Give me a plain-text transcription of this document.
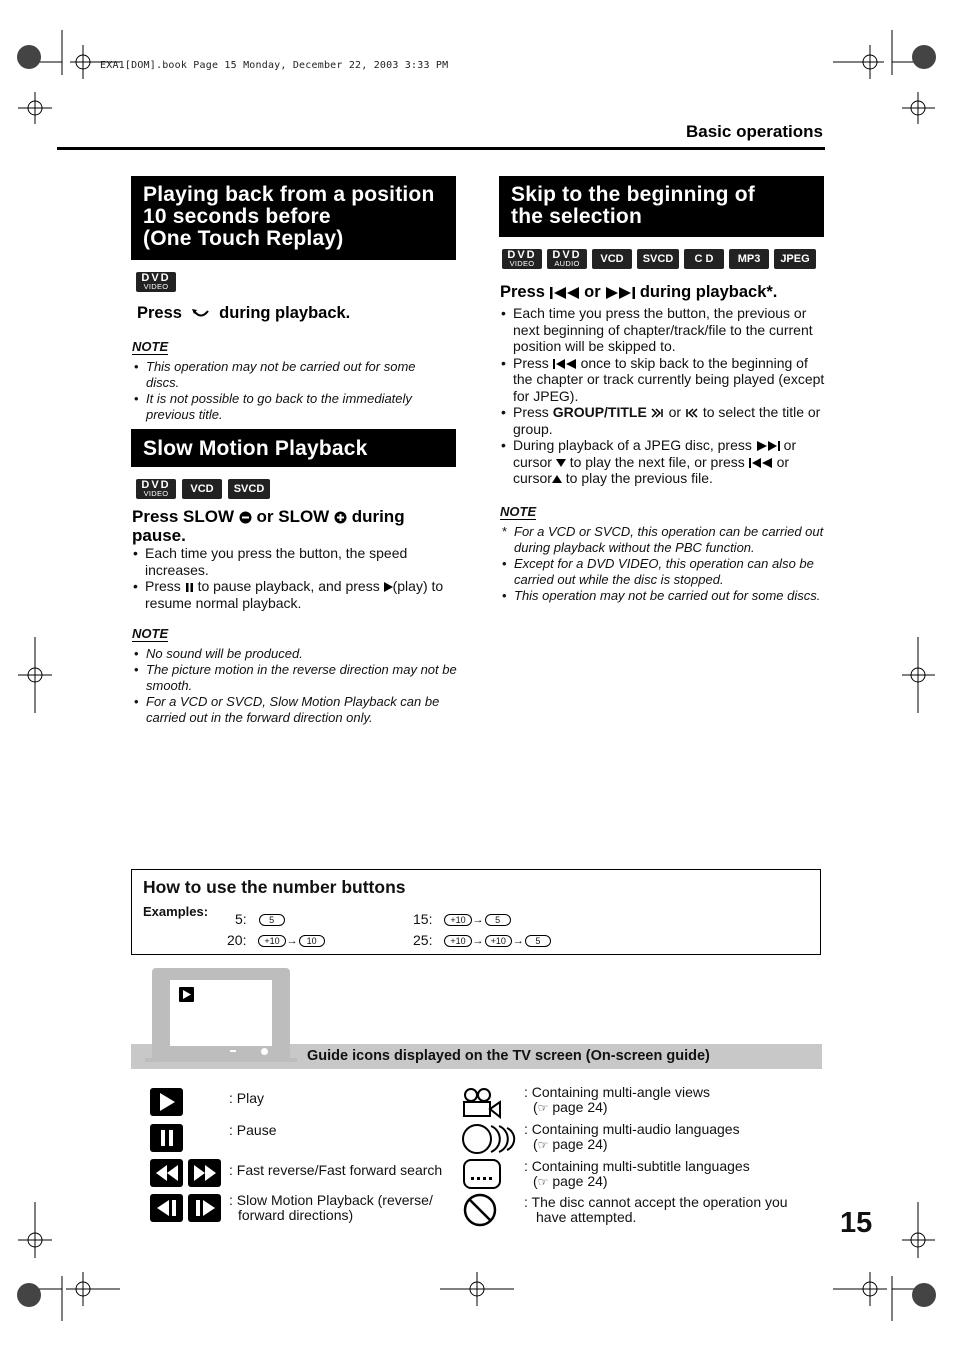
EXA1[DOM].book Page 15 Monday, December 22, 2003 3:33 PM
Basic operations
Playing back from a position
10 seconds before
(One Touch Replay)
DVD
VIDEO
Press during playback.
NOTE
• This operation may not be carried out for some discs.
• It is not possible to go back to the immediately previous title.
Slow Motion Playback
DVD
VIDEO VCD SVCD
Press SLOW or SLOW during
pause.
• Each time you press the button, the speed increases.
• Press to pause playback, and press (play) to resume normal playback.
NOTE
• No sound will be produced.
• The picture motion in the reverse direction may not be smooth.
• For a VCD or SVCD, Slow Motion Playback can be carried out in the forward direction only.
Skip to the beginning of
the selection
DVD
VIDEO
DVD
AUDIO VCD SVCD C D MP3 JPEG
Press or during playback*.
• Each time you press the button, the previous or next beginning of chapter/track/file to the current position will be skipped to.
• Press once to skip back to the beginning of the chapter or track currently being played (except for JPEG).
• Press GROUP/TITLE or to select the title or group.
• During playback of a JPEG disc, press or cursor to play the next file, or press or cursor to play the previous file.
NOTE
* For a VCD or SVCD, this operation can be carried out during playback without the PBC function.
• Except for a DVD VIDEO, this operation can also be carried out while the disc is stopped.
• This operation may not be carried out for some discs.
How to use the number buttons
Examples: 5: 5
20: +10 → 10
15: +10 → 5
25: +10 → +10 → 5
Guide icons displayed on the TV screen (On-screen guide)
: Play
: Pause
: Fast reverse/Fast forward search
: Slow Motion Playback (reverse/
forward directions)
: Containing multi-angle views
(☞ page 24)
: Containing multi-audio languages
(☞ page 24)
: Containing multi-subtitle languages
(☞ page 24)
: The disc cannot accept the operation you
have attempted.	15
